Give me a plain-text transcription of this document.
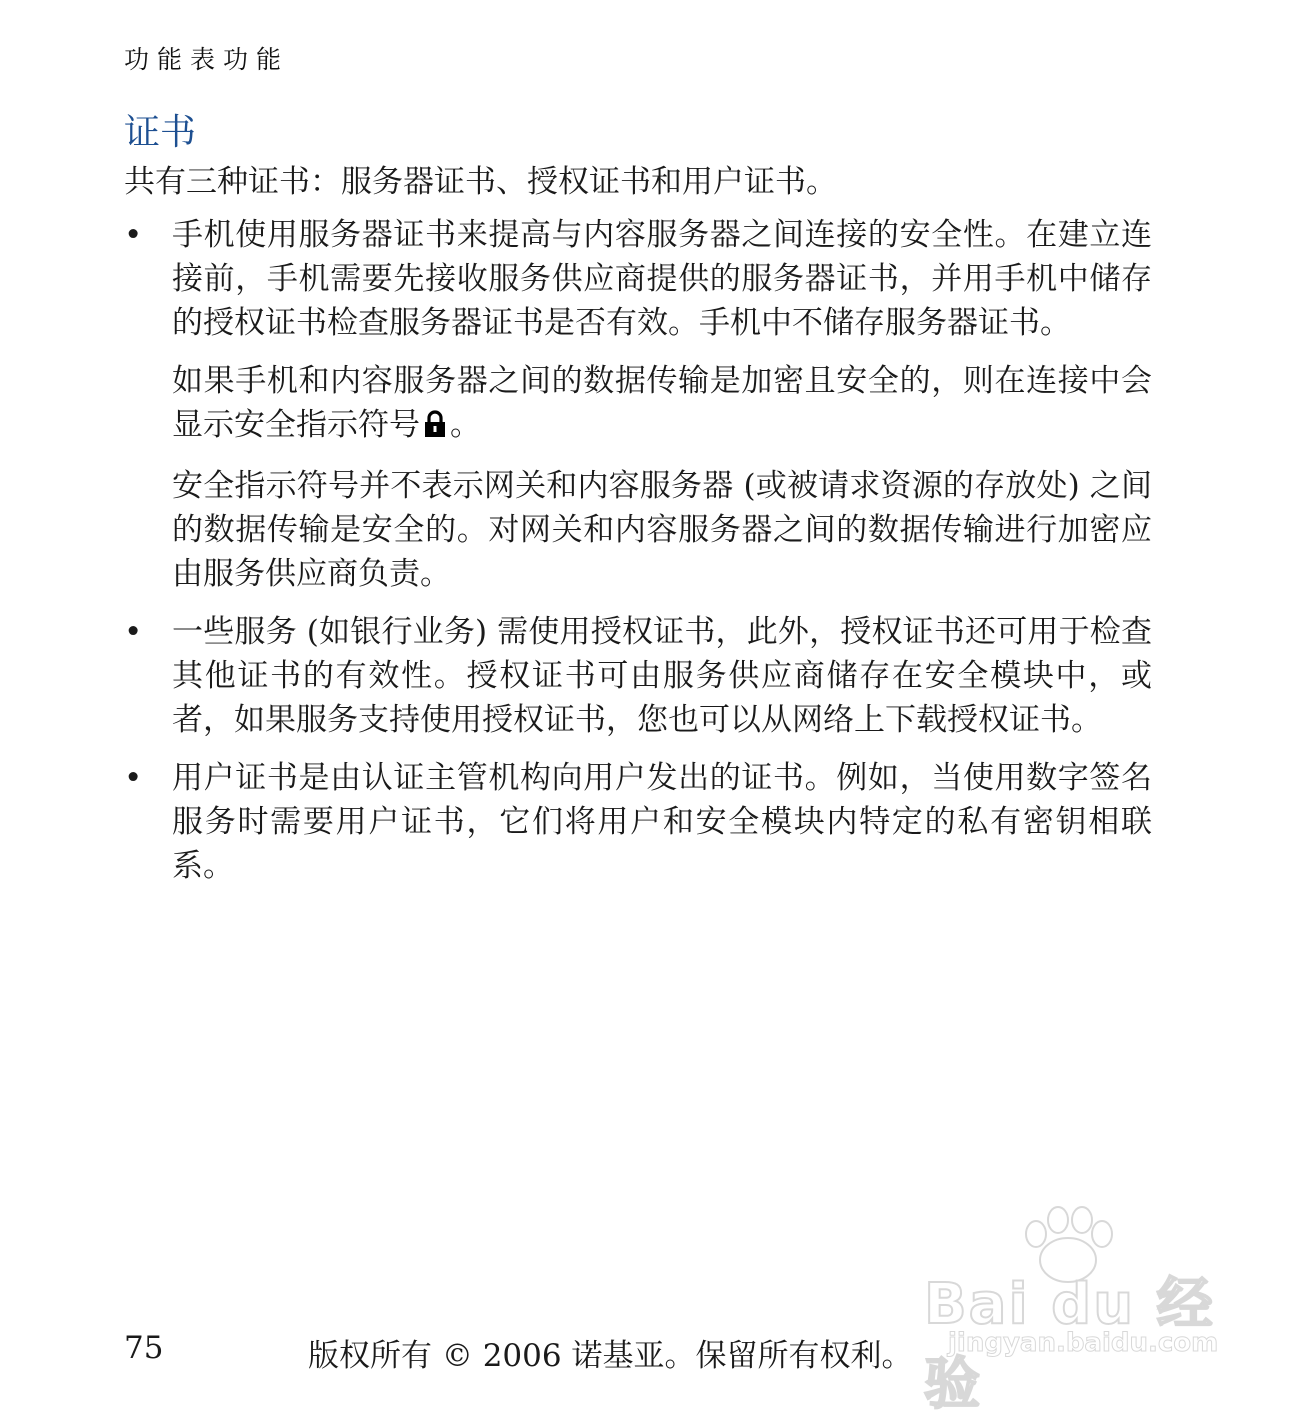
功能表功能
证书

共有三种证书：服务器证书、授权证书和用户证书。

• 手机使用服务器证书来提高与内容服务器之间连接的安全性。在建立连接前，手机需要先接收服务供应商提供的服务器证书，并用手机中储存的授权证书检查服务器证书是否有效。手机中不储存服务器证书。

如果手机和内容服务器之间的数据传输是加密且安全的，则在连接中会显示安全指示符号 。

安全指示符号并不表示网关和内容服务器 (或被请求资源的存放处) 之间的数据传输是安全的。对网关和内容服务器之间的数据传输进行加密应由服务供应商负责。

• 一些服务 (如银行业务) 需使用授权证书，此外，授权证书还可用于检查其他证书的有效性。授权证书可由服务供应商储存在安全模块中，或者，如果服务支持使用授权证书，您也可以从网络上下载授权证书。

• 用户证书是由认证主管机构向用户发出的证书。例如，当使用数字签名服务时需要用户证书，它们将用户和安全模块内特定的私有密钥相联系。

75	版权所有 © 2006 诺基亚。保留所有权利。
Bai du 经验
jingyan.baidu.com
